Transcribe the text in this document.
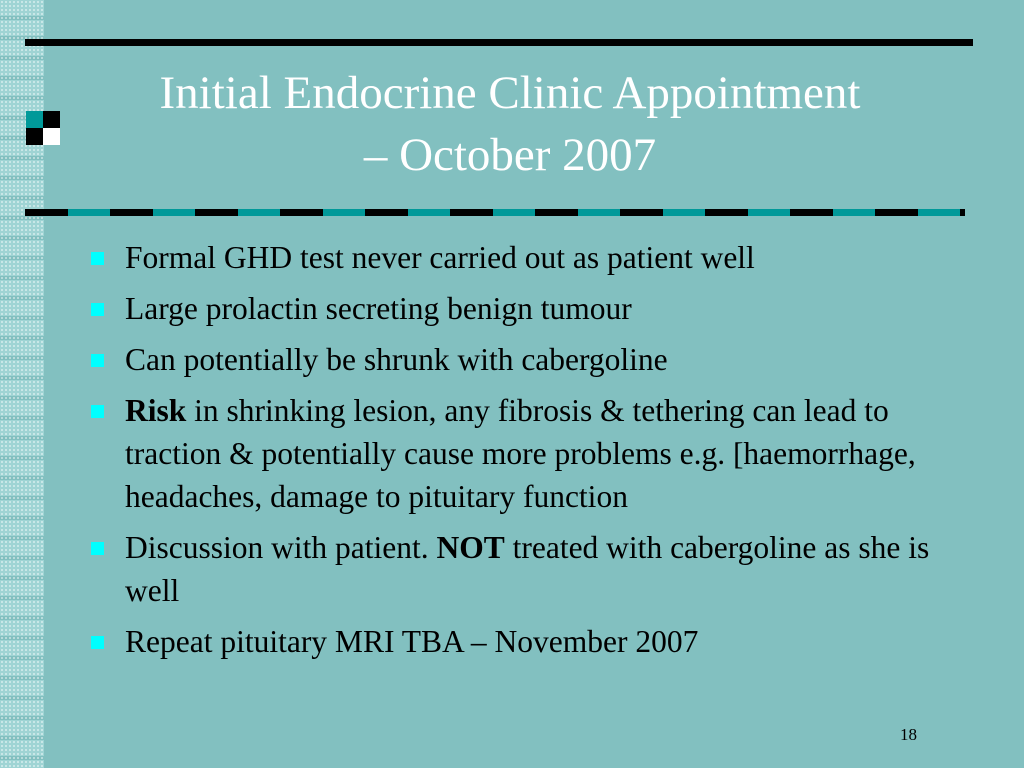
Initial Endocrine Clinic Appointment
– October 2007
Formal GHD test never carried out as patient well
Large prolactin secreting benign tumour
Can potentially be shrunk with cabergoline
Risk in shrinking lesion, any fibrosis & tethering can lead to traction & potentially cause more problems e.g. [haemorrhage, headaches, damage to pituitary function
Discussion with patient. NOT treated with cabergoline as she is well
Repeat pituitary MRI TBA – November 2007
18
